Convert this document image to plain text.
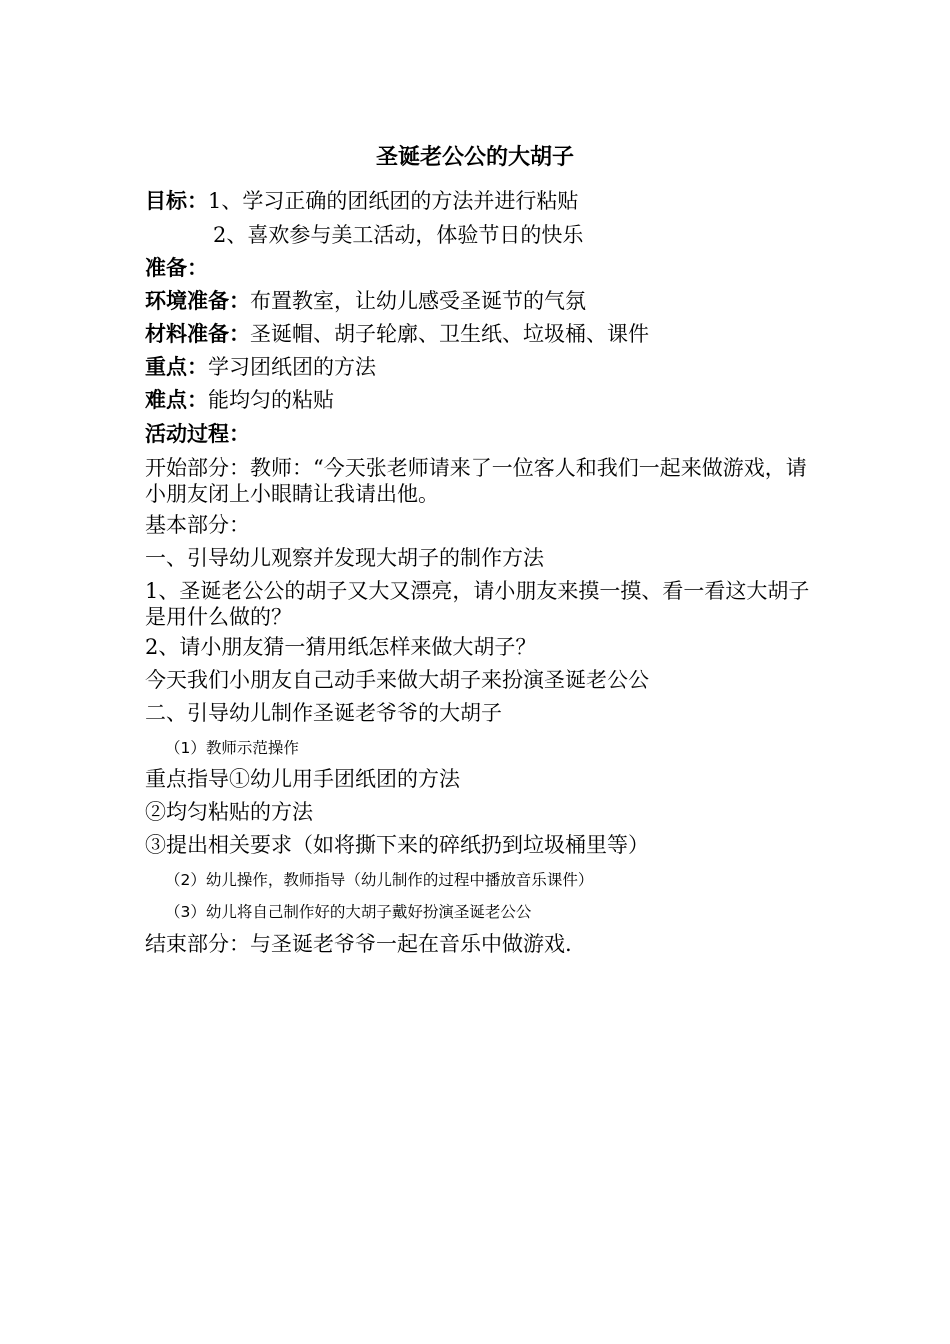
圣诞老公公的大胡子
目标：1、学习正确的团纸团的方法并进行粘贴
2、喜欢参与美工活动，体验节日的快乐
准备：
环境准备：布置教室，让幼儿感受圣诞节的气氛
材料准备：圣诞帽、胡子轮廓、卫生纸、垃圾桶、课件
重点：学习团纸团的方法
难点：能均匀的粘贴
活动过程：
开始部分：教师：“今天张老师请来了一位客人和我们一起来做游戏，请小朋友闭上小眼睛让我请出他。
基本部分：
一、引导幼儿观察并发现大胡子的制作方法
1、圣诞老公公的胡子又大又漂亮，请小朋友来摸一摸、看一看这大胡子是用什么做的？
2、请小朋友猜一猜用纸怎样来做大胡子？
今天我们小朋友自己动手来做大胡子来扮演圣诞老公公
二、引导幼儿制作圣诞老爷爷的大胡子
（1）教师示范操作
重点指导①幼儿用手团纸团的方法
②均匀粘贴的方法
③提出相关要求（如将撕下来的碎纸扔到垃圾桶里等）
（2）幼儿操作，教师指导（幼儿制作的过程中播放音乐课件）
（3）幼儿将自己制作好的大胡子戴好扮演圣诞老公公
结束部分：与圣诞老爷爷一起在音乐中做游戏.
